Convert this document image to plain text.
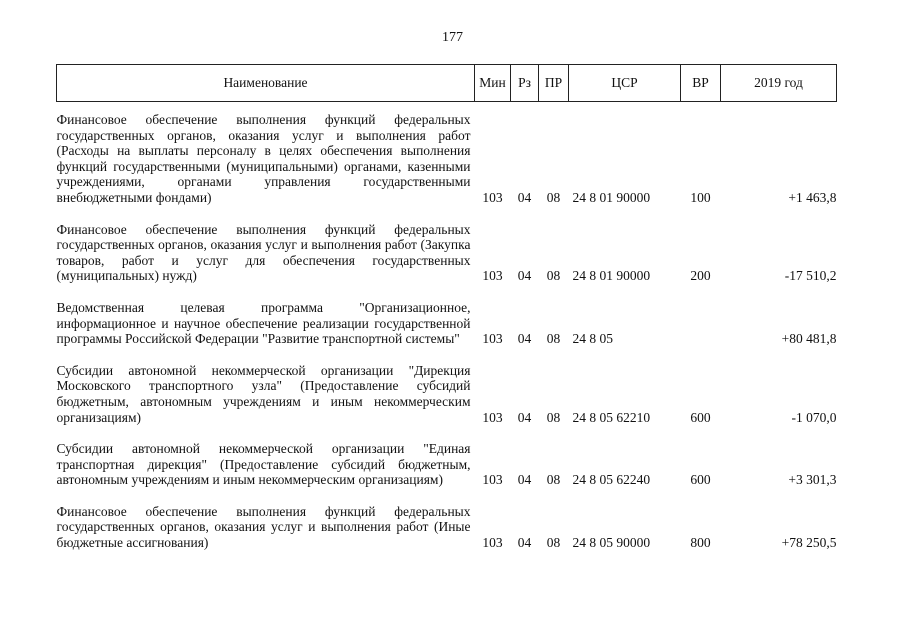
177
Наименование	Мин	Рз	ПР	ЦСР	ВР	2019 год
Финансовое обеспечение выполнения функций федеральных государственных органов, оказания услуг и выполнения работ (Расходы на выплаты персоналу в целях обеспечения выполнения функций государственными (муниципальными) органами, казенными учреждениями, органами управления государственными внебюджетными фондами)	103	04	08	24 8 01 90000	100	+1 463,8
Финансовое обеспечение выполнения функций федеральных государственных органов, оказания услуг и выполнения работ (Закупка товаров, работ и услуг для обеспечения государственных (муниципальных) нужд)	103	04	08	24 8 01 90000	200	-17 510,2
Ведомственная целевая программа "Организационное, информационное и научное обеспечение реализации государственной программы Российской Федерации "Развитие транспортной системы"	103	04	08	24 8 05		+80 481,8
Субсидии автономной некоммерческой организации "Дирекция Московского транспортного узла" (Предоставление субсидий бюджетным, автономным учреждениям и иным некоммерческим организациям)	103	04	08	24 8 05 62210	600	-1 070,0
Субсидии автономной некоммерческой организации "Единая транспортная дирекция" (Предоставление субсидий бюджетным, автономным учреждениям и иным некоммерческим организациям)	103	04	08	24 8 05 62240	600	+3 301,3
Финансовое обеспечение выполнения функций федеральных государственных органов, оказания услуг и выполнения работ (Иные бюджетные ассигнования)	103	04	08	24 8 05 90000	800	+78 250,5
